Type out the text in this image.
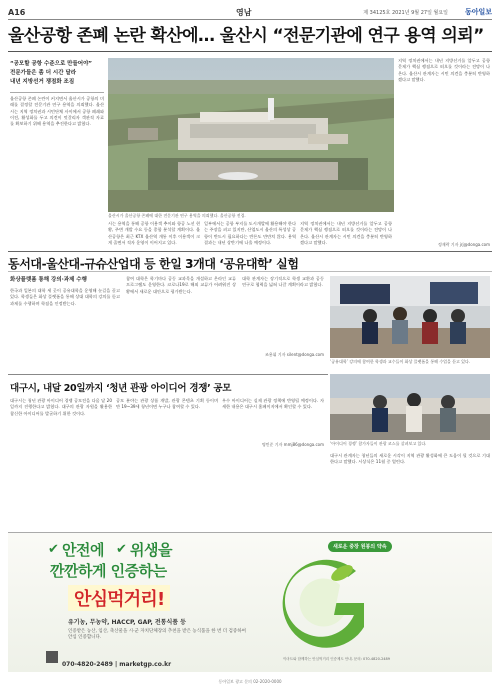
A16	영남	제 34125호 2021년 9월 27일 월요일 동아일보
울산공항 존폐 논란 확산에… 울산시 “전문기관에 연구 용역 의뢰”
“공모할 공항 수준으로 만들어야”
전문가들은 좀 더 시간 달라
내년 지방선거 쟁점화 조짐
울산공항 존폐 논란이 커지면서 울산시가 공항의 미래를 결정할 전문기관 연구 용역을 의뢰했다. 울산시는 지역 정치권과 시민단체 사이에서 공항 폐쇄와 이전, 활성화를 두고 의견이 엇갈리자 객관적 자료를 확보하기 위해 용역을 추진한다고 밝혔다.
울산시가 울산공항 존폐에 대한 전문기관 연구 용역을 의뢰했다. 울산공항 전경.
시는 용역을 통해 공항 이용객 추이와 항공 노선 현황, 주변 개발 수요 등을 종합 분석할 계획이다. 울산공항은 최근 KTX 울산역 개통 이후 이용객이 크게 줄면서 적자 운영이 이어지고 있다.
일부에서는 공항 부지를 도시개발에 활용해야 한다는 주장을 펴고 있지만, 산업도시 울산의 특성상 공항이 반드시 필요하다는 반론도 만만치 않다. 용역 결과는 내년 상반기에 나올 예정이다.
지역 정치권에서는 내년 지방선거를 앞두고 공항 문제가 핵심 쟁점으로 떠오를 것이라는 전망이 나온다. 울산시 관계자는 시민 의견을 충분히 반영하겠다고 말했다.
지역 정치권에서는 내년 지방선거를 앞두고 공항 문제가 핵심 쟁점으로 떠오를 것이라는 전망이 나온다. 울산시 관계자는 시민 의견을 충분히 반영하겠다고 말했다.
정재락 기자 jrj@donga.com
동서대-울산대-규슈산업대 등 한일 3개대 ‘공유대학’ 실험
화상플랫폼 통해 강의·과제 수행
한국과 일본의 대학 세 곳이 공유대학을 운영해 눈길을 끌고 있다. 학생들은 화상 플랫폼을 통해 상대 대학의 강의를 듣고 과제를 수행하며 학점을 인정받는다.
참여 대학은 학기마다 공동 교과목을 개설하고 온라인 교류 프로그램도 운영한다. 코로나19로 해외 교류가 어려워진 상황에서 새로운 대안으로 평가받는다.
대학 관계자는 장기적으로 학생 교환과 공동 연구로 협력을 넓혀 나갈 계획이라고 밝혔다.
조용휘 기자 silent@donga.com
‘공유대학’ 강의에 참여한 학생과 교수들이 화상 플랫폼을 통해 수업을 듣고 있다.
대구시, 내달 20일까지 ‘청년 관광 아이디어 경쟁’ 공모
대구시는 청년 관광 아이디어 경쟁 공모전을 다음 달 20일까지 진행한다고 밝혔다. 대구의 관광 자원을 활용한 참신한 아이디어를 발굴하기 위한 것이다.
공모 분야는 관광 상품 개발, 관광 콘텐츠 기획 등이며 만 19~39세 청년이면 누구나 참여할 수 있다.
우수 아이디어는 실제 관광 정책에 반영될 예정이다. 자세한 내용은 대구시 홈페이지에서 확인할 수 있다.
명민준 기자 mmj86@donga.com ‘아이디어 경쟁’ 참가자들이 관광 코스를 살펴보고 있다.
대구시 관계자는 청년들의 새로운 시각이 지역 관광 활성화에 큰 도움이 될 것으로 기대한다고 말했다. 시상식은 11월 중 열린다.
✔ 안전에 ✔ 위생을
깐깐하게 인증하는
안심먹거리!
유기농, 무농약, HACCP, GAP, 전통식품 등
인증받은 농산, 임산, 축산물을 시·군 자치단체장의 추천을 받은 농식품을 한 번 더 검증하여 안심 인증합니다.
새로운 중장 원봉의 약속
070-4820-2489 | marketgp.co.kr
이마트와 함께하는 안심먹거리 인증제도 안내. 문의: 070-4820-2489
동아일보 광고 문의 02-2020-0000
